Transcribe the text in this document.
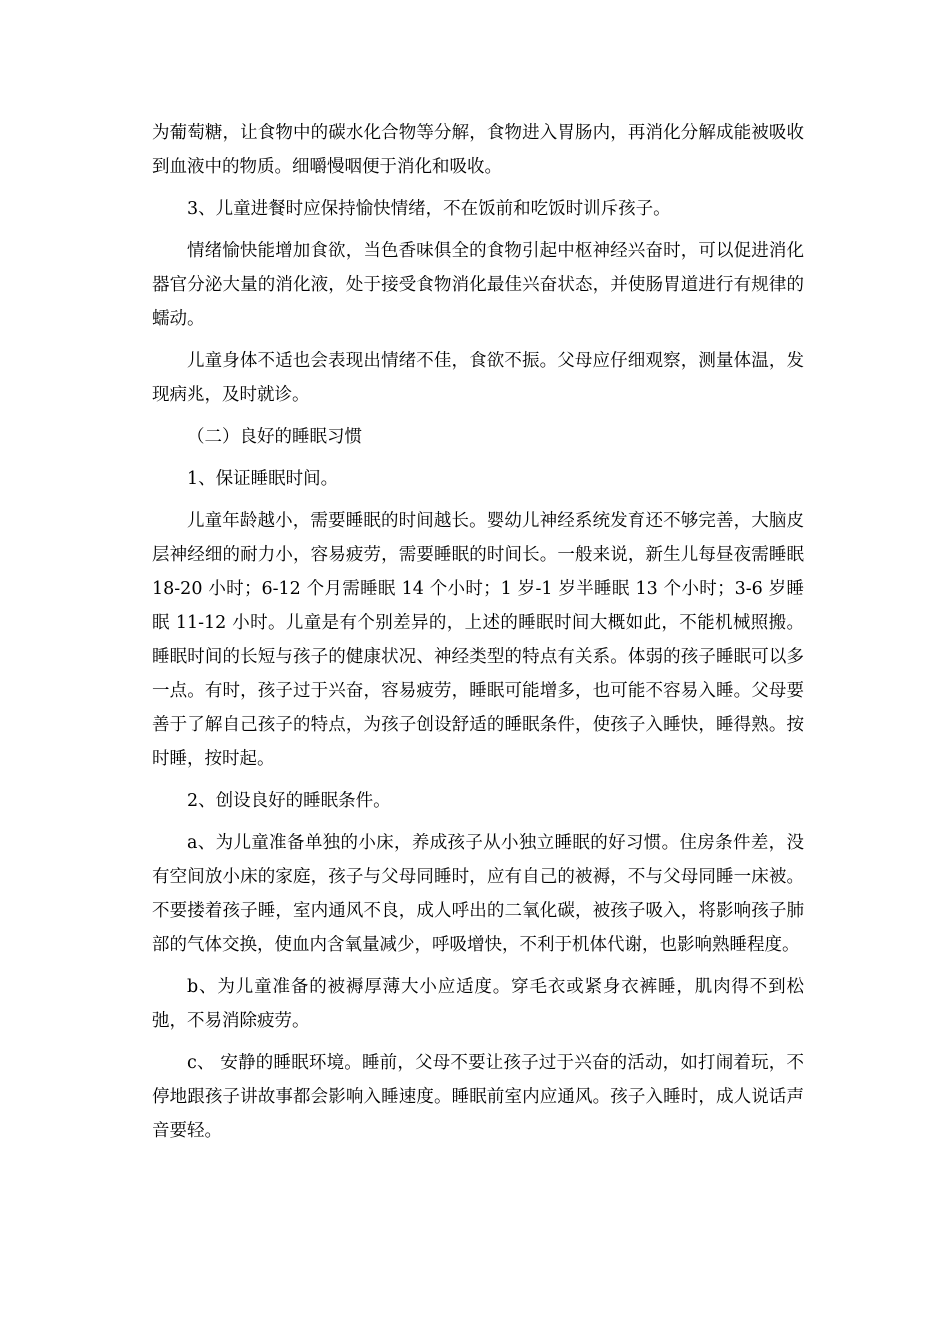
为葡萄糖，让食物中的碳水化合物等分解，食物进入胃肠内，再消化分解成能被吸收到血液中的物质。细嚼慢咽便于消化和吸收。

3、儿童进餐时应保持愉快情绪，不在饭前和吃饭时训斥孩子。

情绪愉快能增加食欲，当色香味俱全的食物引起中枢神经兴奋时，可以促进消化器官分泌大量的消化液，处于接受食物消化最佳兴奋状态，并使肠胃道进行有规律的蠕动。

儿童身体不适也会表现出情绪不佳，食欲不振。父母应仔细观察，测量体温，发现病兆，及时就诊。

（二）良好的睡眠习惯

1、保证睡眠时间。

儿童年龄越小，需要睡眠的时间越长。婴幼儿神经系统发育还不够完善，大脑皮层神经细的耐力小，容易疲劳，需要睡眠的时间长。一般来说，新生儿每昼夜需睡眠 18-20 小时；6-12 个月需睡眠 14 个小时；1 岁-1 岁半睡眠 13 个小时；3-6 岁睡眠 11-12 小时。儿童是有个别差异的，上述的睡眠时间大概如此，不能机械照搬。睡眠时间的长短与孩子的健康状况、神经类型的特点有关系。体弱的孩子睡眠可以多一点。有时，孩子过于兴奋，容易疲劳，睡眠可能增多，也可能不容易入睡。父母要善于了解自己孩子的特点，为孩子创设舒适的睡眠条件，使孩子入睡快，睡得熟。按时睡，按时起。

2、创设良好的睡眠条件。

a、为儿童准备单独的小床，养成孩子从小独立睡眠的好习惯。住房条件差，没有空间放小床的家庭，孩子与父母同睡时，应有自己的被褥，不与父母同睡一床被。不要搂着孩子睡，室内通风不良，成人呼出的二氧化碳，被孩子吸入，将影响孩子肺部的气体交换，使血内含氧量减少，呼吸增快，不利于机体代谢，也影响熟睡程度。

b、为儿童准备的被褥厚薄大小应适度。穿毛衣或紧身衣裤睡，肌肉得不到松弛，不易消除疲劳。

c、 安静的睡眠环境。睡前，父母不要让孩子过于兴奋的活动，如打闹着玩，不停地跟孩子讲故事都会影响入睡速度。睡眠前室内应通风。孩子入睡时，成人说话声音要轻。
